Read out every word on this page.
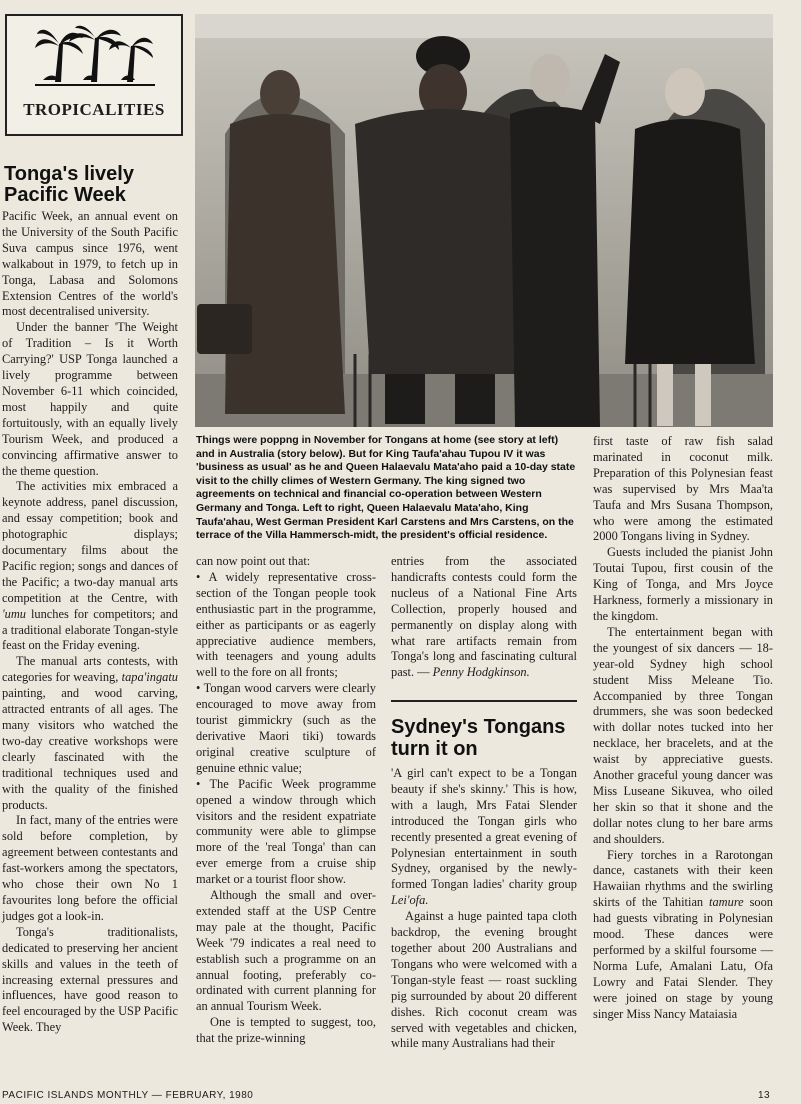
TROPICALITIES
Tonga's lively Pacific Week

Pacific Week, an annual event on the University of the South Pacific Suva campus since 1976, went walkabout in 1979, to fetch up in Tonga, Labasa and Solomons Extension Centres of the world's most decentralised university.

Under the banner 'The Weight of Tradition – Is it Worth Carrying?' USP Tonga launched a lively programme between November 6-11 which coincided, most happily and quite fortuitously, with an equally lively Tourism Week, and produced a convincing affirmative answer to the theme question.

The activities mix embraced a keynote address, panel discussion, and essay competition; book and photographic displays; documentary films about the Pacific region; songs and dances of the Pacific; a two-day manual arts competition at the Centre, with 'umu lunches for competitors; and a traditional elaborate Tongan-style feast on the Friday evening.

The manual arts contests, with categories for weaving, tapa'ingatu painting, and wood carving, attracted entrants of all ages. The many visitors who watched the two-day creative workshops were clearly fascinated with the traditional techniques used and with the quality of the finished products.

In fact, many of the entries were sold before completion, by agreement between contestants and fast-workers among the spectators, who chose their own No 1 favourites long before the official judges got a look-in.

Tonga's traditionalists, dedicated to preserving her ancient skills and values in the teeth of increasing external pressures and influences, have good reason to feel encouraged by the USP Pacific Week. They

Things were poppng in November for Tongans at home (see story at left) and in Australia (story below). But for King Taufa'ahau Tupou IV it was 'business as usual' as he and Queen Halaevalu Mata'aho paid a 10-day state visit to the chilly climes of Western Germany. The king signed two agreements on technical and financial co-operation between Western Germany and Tonga. Left to right, Queen Halaevalu Mata'aho, King Taufa'ahau, West German President Karl Carstens and Mrs Carstens, on the terrace of the Villa Hammersch-midt, the president's official residence.

can now point out that:

• A widely representative cross-section of the Tongan people took enthusiastic part in the programme, either as participants or as eagerly appreciative audience members, with teenagers and young adults well to the fore on all fronts;

• Tongan wood carvers were clearly encouraged to move away from tourist gimmickry (such as the derivative Maori tiki) towards original creative sculpture of genuine ethnic value;

• The Pacific Week programme opened a window through which visitors and the resident expatriate community were able to glimpse more of the 'real Tonga' than can ever emerge from a cruise ship market or a tourist floor show.

Although the small and over-extended staff at the USP Centre may pale at the thought, Pacific Week '79 indicates a real need to establish such a programme on an annual footing, preferably co-ordinated with current planning for an annual Tourism Week.

One is tempted to suggest, too, that the prize-winning

entries from the associated handicrafts contests could form the nucleus of a National Fine Arts Collection, properly housed and permanently on display along with what rare artifacts remain from Tonga's long and fascinating cultural past. — Penny Hodgkinson.

Sydney's Tongans turn it on

'A girl can't expect to be a Tongan beauty if she's skinny.' This is how, with a laugh, Mrs Fatai Slender introduced the Tongan girls who recently presented a great evening of Polynesian entertainment in south Sydney, organised by the newly-formed Tongan ladies' charity group Lei'ofa.

Against a huge painted tapa cloth backdrop, the evening brought together about 200 Australians and Tongans who were welcomed with a Tongan-style feast — roast suckling pig surrounded by about 20 different dishes. Rich coconut cream was served with vegetables and chicken, while many Australians had their

first taste of raw fish salad marinated in coconut milk. Preparation of this Polynesian feast was supervised by Mrs Maa'ta Taufa and Mrs Susana Thompson, who were among the estimated 2000 Tongans living in Sydney.

Guests included the pianist John Toutai Tupou, first cousin of the King of Tonga, and Mrs Joyce Harkness, formerly a missionary in the kingdom.

The entertainment began with the youngest of six dancers — 18-year-old Sydney high school student Miss Meleane Tio. Accompanied by three Tongan drummers, she was soon bedecked with dollar notes tucked into her necklace, her bracelets, and at the waist by appreciative guests. Another graceful young dancer was Miss Luseane Sikuvea, who oiled her skin so that it shone and the dollar notes clung to her bare arms and shoulders.

Fiery torches in a Rarotongan dance, castanets with their keen Hawaiian rhythms and the swirling skirts of the Tahitian tamure soon had guests vibrating in Polynesian mood. These dances were performed by a skilful foursome — Norma Lufe, Amalani Latu, Ofa Lowry and Fatai Slender. They were joined on stage by young singer Miss Nancy Mataiasia

PACIFIC ISLANDS MONTHLY — FEBRUARY, 1980	13
